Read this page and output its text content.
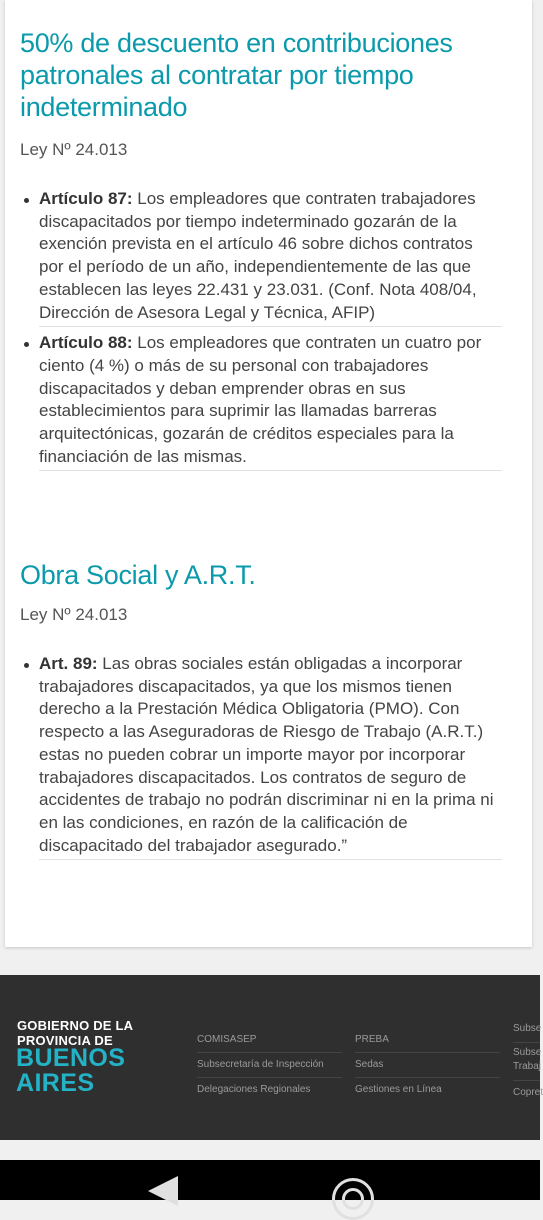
50% de descuento en contribuciones patronales al contratar por tiempo indeterminado

Ley Nº 24.013

Artículo 87: Los empleadores que contraten trabajadores discapacitados por tiempo indeterminado gozarán de la exención prevista en el artículo 46 sobre dichos contratos por el período de un año, independientemente de las que establecen las leyes 22.431 y 23.031. (Conf. Nota 408/04, Dirección de Asesora Legal y Técnica, AFIP)
Artículo 88: Los empleadores que contraten un cuatro por ciento (4 %) o más de su personal con trabajadores discapacitados y deban emprender obras en sus establecimientos para suprimir las llamadas barreras arquitectónicas, gozarán de créditos especiales para la financiación de las mismas.
Obra Social y A.R.T.

Ley Nº 24.013

Art. 89: Las obras sociales están obligadas a incorporar trabajadores discapacitados, ya que los mismos tienen derecho a la Prestación Médica Obligatoria (PMO). Con respecto a las Aseguradoras de Riesgo de Trabajo (A.R.T.) estas no pueden cobrar un importe mayor por incorporar trabajadores discapacitados. Los contratos de seguro de accidentes de trabajo no podrán discriminar ni en la prima ni en las condiciones, en razón de la calificación de discapacitado del trabajador asegurado.”
GOBIERNO DE LA
PROVINCIA DE
BUENOS
AIRES
COMISASEP
Subsecretaría de Inspección
Delegaciones Regionales
PREBA
Sedas
Gestiones en Línea
Subse
Subse Trabaj
Copret
